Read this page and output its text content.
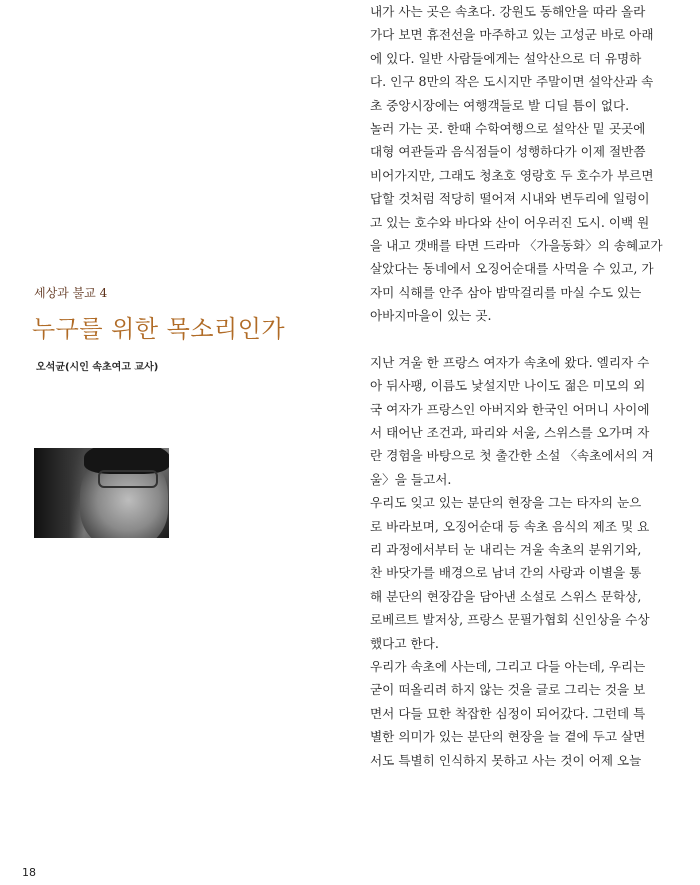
세상과 불교 4
누구를 위한 목소리인가
오석균(시인 속초여고 교사)
내가 사는 곳은 속초다. 강원도 동해안을 따라 올라
가다 보면 휴전선을 마주하고 있는 고성군 바로 아래
에 있다. 일반 사람들에게는 설악산으로 더 유명하
다. 인구 8만의 작은 도시지만 주말이면 설악산과 속
초 중앙시장에는 여행객들로 발 디딜 틈이 없다.
놀러 가는 곳. 한때 수학여행으로 설악산 밑 곳곳에
대형 여관들과 음식점들이 성행하다가 이제 절반쯤
비어가지만, 그래도 청초호 영랑호 두 호수가 부르면
답할 것처럼 적당히 떨어져 시내와 변두리에 일렁이
고 있는 호수와 바다와 산이 어우러진 도시. 이백 원
을 내고 갯배를 타면 드라마 〈가을동화〉의 송혜교가
살았다는 동네에서 오징어순대를 사먹을 수 있고, 가
자미 식해를 안주 삼아 밤막걸리를 마실 수도 있는
아바지마을이 있는 곳.
지난 겨울 한 프랑스 여자가 속초에 왔다. 엘리자 수
아 뒤사팽, 이름도 낯설지만 나이도 젊은 미모의 외
국 여자가 프랑스인 아버지와 한국인 어머니 사이에
서 태어난 조건과, 파리와 서울, 스위스를 오가며 자
란 경험을 바탕으로 첫 출간한 소설 〈속초에서의 겨
울〉을 들고서.
우리도 잊고 있는 분단의 현장을 그는 타자의 눈으
로 바라보며, 오징어순대 등 속초 음식의 제조 및 요
리 과정에서부터 눈 내리는 겨울 속초의 분위기와,
찬 바닷가를 배경으로 남녀 간의 사랑과 이별을 통
해 분단의 현장감을 담아낸 소설로 스위스 문학상,
로베르트 발저상, 프랑스 문필가협회 신인상을 수상
했다고 한다.
우리가 속초에 사는데, 그리고 다들 아는데, 우리는
굳이 떠올리려 하지 않는 것을 글로 그리는 것을 보
면서 다들 묘한 착잡한 심정이 되어갔다. 그런데 특
별한 의미가 있는 분단의 현장을 늘 곁에 두고 살면
서도 특별히 인식하지 못하고 사는 것이 어제 오늘
18
